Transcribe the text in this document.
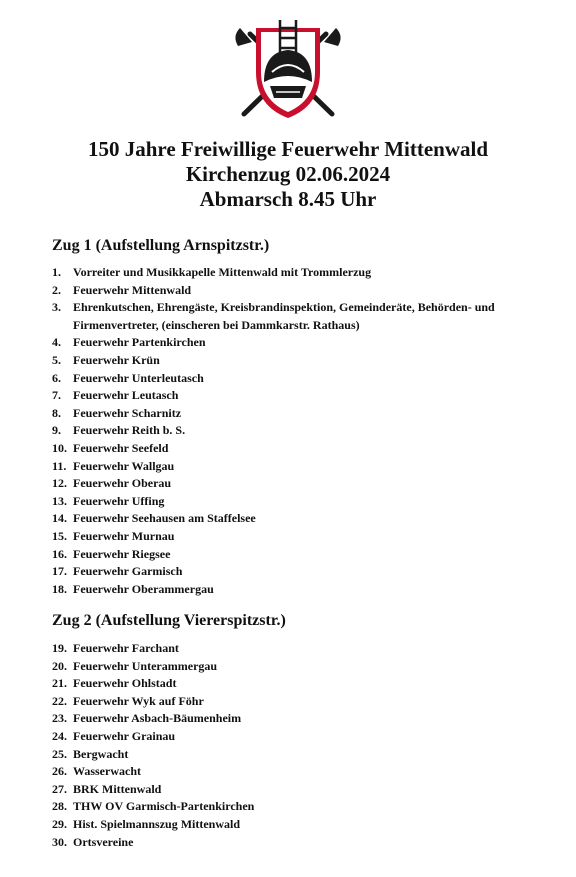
150 Jahre Freiwillige Feuerwehr Mittenwald
Kirchenzug 02.06.2024
Abmarsch 8.45 Uhr
Zug 1 (Aufstellung Arnspitzstr.)
1. Vorreiter und Musikkapelle Mittenwald mit Trommlerzug
2. Feuerwehr Mittenwald
3. Ehrenkutschen, Ehrengäste, Kreisbrandinspektion, Gemeinderäte, Behörden- und Firmenvertreter, (einscheren bei Dammkarstr. Rathaus)
4. Feuerwehr Partenkirchen
5. Feuerwehr Krün
6. Feuerwehr Unterleutasch
7. Feuerwehr Leutasch
8. Feuerwehr Scharnitz
9. Feuerwehr Reith b. S.
10. Feuerwehr Seefeld
11. Feuerwehr Wallgau
12. Feuerwehr Oberau
13. Feuerwehr Uffing
14. Feuerwehr Seehausen am Staffelsee
15. Feuerwehr Murnau
16. Feuerwehr Riegsee
17. Feuerwehr Garmisch
18. Feuerwehr Oberammergau
Zug 2 (Aufstellung Viererspitzstr.)
19. Feuerwehr Farchant
20. Feuerwehr Unterammergau
21. Feuerwehr Ohlstadt
22. Feuerwehr Wyk auf Föhr
23. Feuerwehr Asbach-Bäumenheim
24. Feuerwehr Grainau
25. Bergwacht
26. Wasserwacht
27. BRK Mittenwald
28. THW OV Garmisch-Partenkirchen
29. Hist. Spielmannszug Mittenwald
30. Ortsvereine
